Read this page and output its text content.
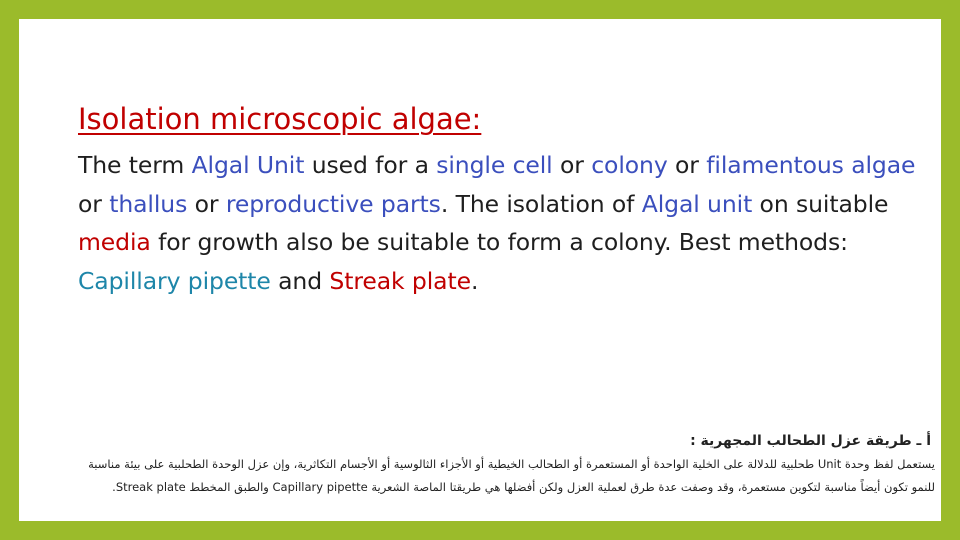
Isolation microscopic algae:

The term Algal Unit used for a single cell or colony or filamentous algae or thallus or reproductive parts. The isolation of Algal unit on suitable media for growth also be suitable to form a colony. Best methods: Capillary pipette and Streak plate.

أ ـ طريقة عزل الطحالب المجهرية :
يستعمل لفظ وحدة Unit طحلبية للدلالة على الخلية الواحدة أو المستعمرة أو الطحالب الخيطية أو الأجزاء الثالوسية أو الأجسام التكاثرية، وإن عزل الوحدة الطحلبية على بيئة مناسبة
للنمو تكون أيضاً مناسبة لتكوين مستعمرة، وقد وصفت عدة طرق لعملية العزل ولكن أفضلها هي طريقتا الماصة الشعرية Capillary pipette والطبق المخطط Streak plate.
